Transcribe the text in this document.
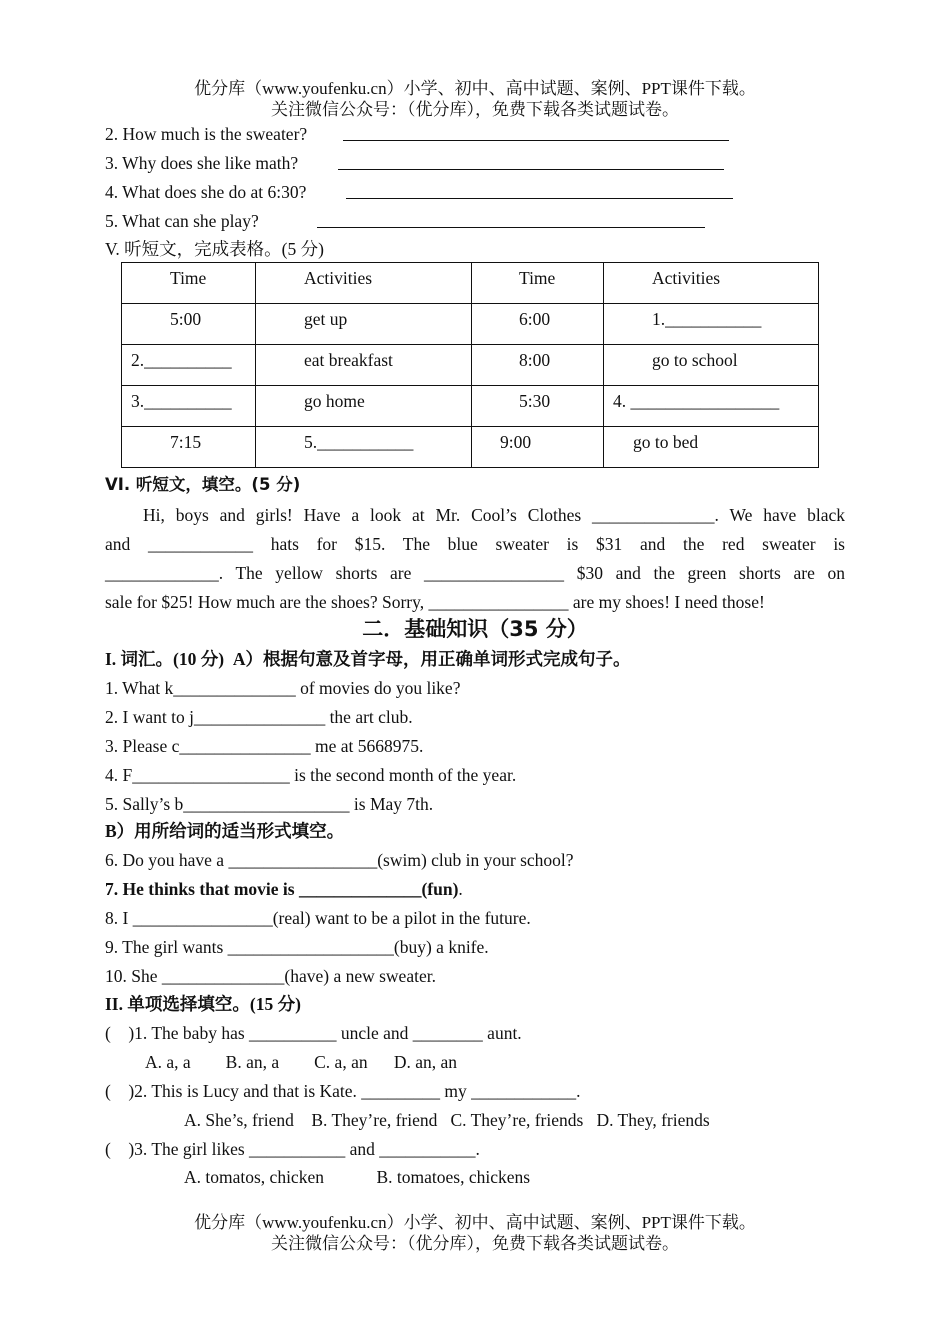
优分库（www.youfenku.cn）小学、初中、高中试题、案例、PPT课件下载。
关注微信公众号：（优分库），免费下载各类试题试卷。
2. How much is the sweater?
3. Why does she like math?
4. What does she do at 6:30?
5. What can she play?
V. 听短文，完成表格。(5 分)
Time	Activities	Time	Activities

5:00	get up	6:00	1.___________

2.__________	eat breakfast	8:00	go to school

3.__________	go home	5:30	4. _________________

7:15	5.___________	9:00	go to bed
VI. 听短文，填空。(5 分)
Hi, boys and girls! Have a look at Mr. Cool’s Clothes ______________. We have black
and ____________ hats for $15. The blue sweater is $31 and the red sweater is
_____________. The yellow shorts are ________________ $30 and the green shorts are on
sale for $25! How much are the shoes? Sorry, ________________ are my shoes! I need those!
二．基础知识（35 分）
I. 词汇。(10 分)  A）根据句意及首字母，用正确单词形式完成句子。
1. What k______________ of movies do you like?
2. I want to j_______________ the art club.
3. Please c_______________ me at 5668975.
4. F__________________ is the second month of the year.
5. Sally’s b___________________ is May 7th.
B）用所给词的适当形式填空。
6. Do you have a _________________(swim) club in your school?
7. He thinks that movie is ______________(fun).
8. I ________________(real) want to be a pilot in the future.
9. The girl wants ___________________(buy) a knife.
10. She ______________(have) a new sweater.
II. 单项选择填空。(15 分)
(    )1. The baby has __________ uncle and ________ aunt.
A. a, a        B. an, a        C. a, an      D. an, an
(    )2. This is Lucy and that is Kate. _________ my ____________.
A. She’s, friend    B. They’re, friend   C. They’re, friends   D. They, friends
(    )3. The girl likes ___________ and ___________.
A. tomatos, chicken            B. tomatoes, chickens
优分库（www.youfenku.cn）小学、初中、高中试题、案例、PPT课件下载。
关注微信公众号：（优分库），免费下载各类试题试卷。
